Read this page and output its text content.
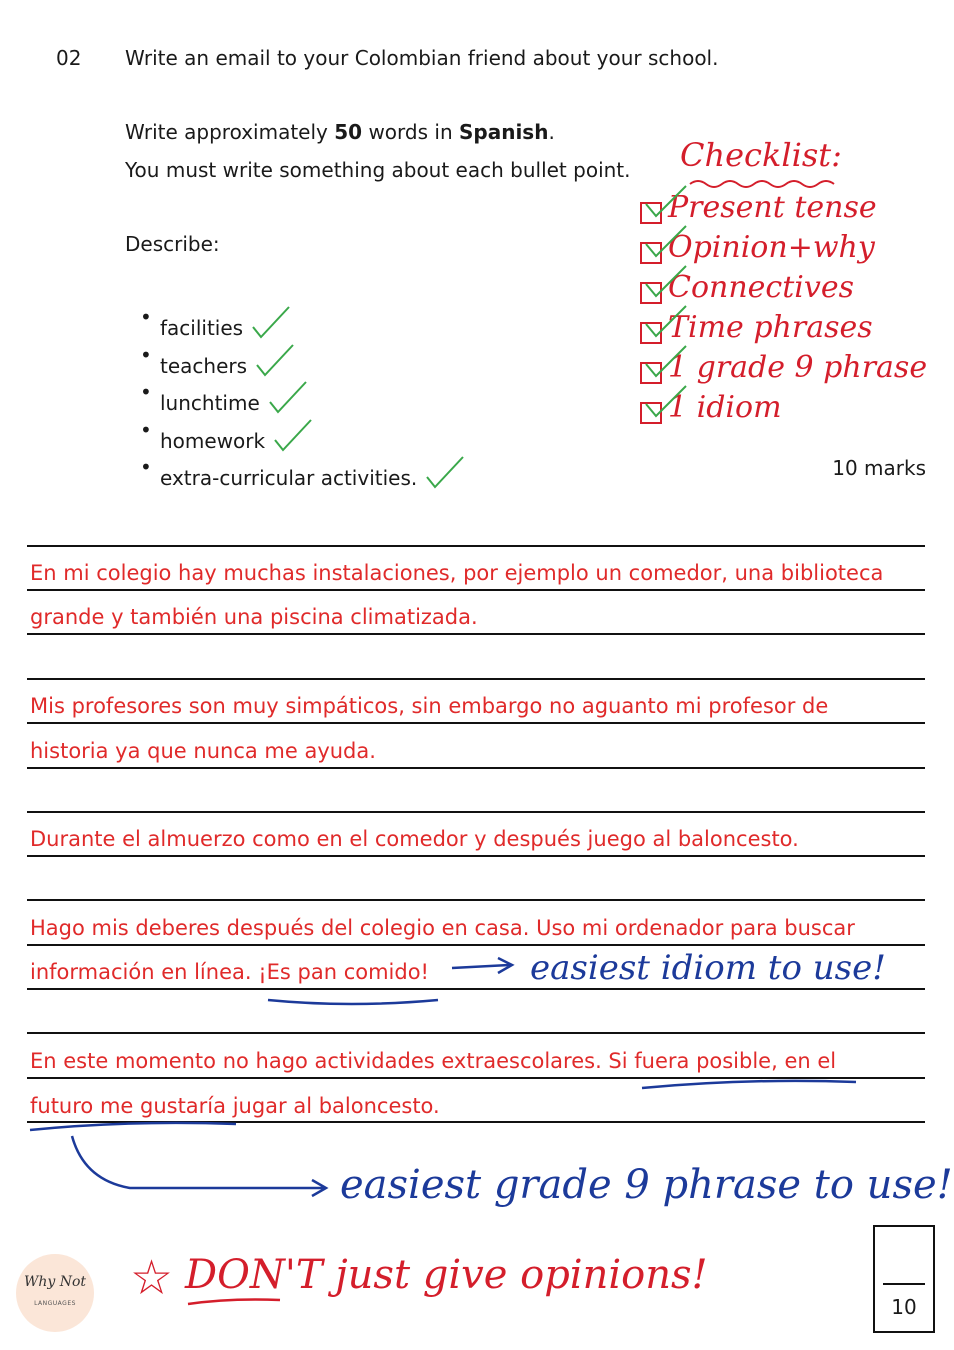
02 Write an email to your Colombian friend about your school.
Write approximately 50 words in Spanish.
You must write something about each bullet point.
Describe:
• facilities
• teachers
• lunchtime
• homework
• extra-curricular activities.	10 marks
Checklist:
Present tense
Opinion+why
Connectives
Time phrases
1 grade 9 phrase
1 idiom
En mi colegio hay muchas instalaciones, por ejemplo un comedor, una biblioteca
grande y también una piscina climatizada.
Mis profesores son muy simpáticos, sin embargo no aguanto mi profesor de
historia ya que nunca me ayuda.
Durante el almuerzo como en el comedor y después juego al baloncesto.
Hago mis deberes después del colegio en casa. Uso mi ordenador para buscar
información en línea. ¡Es pan comido!
En este momento no hago actividades extraescolares. Si fuera posible, en el
futuro me gustaría jugar al baloncesto.
easiest idiom to use!
easiest grade 9 phrase to use!
☆ DON'T just give opinions!
Why Not
LANGUAGES	10
